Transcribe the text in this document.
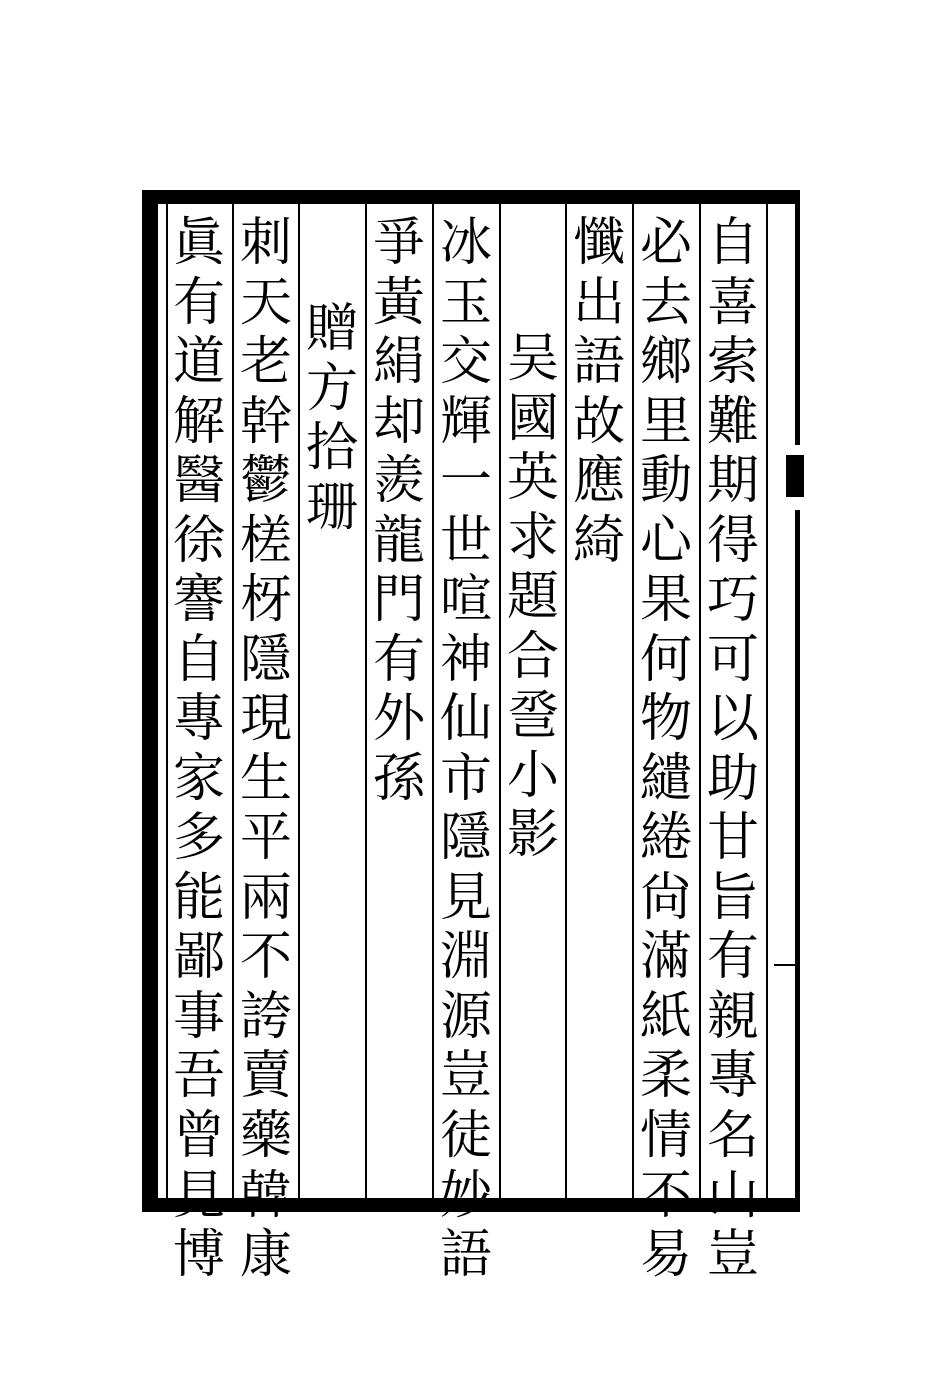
自喜索難期得巧可以助甘旨有親專名山豈
必去鄉里動心果何物繾綣尙滿紙柔情不易
懺出語故應綺
吴國英求題合巹小影
冰玉交輝一世喧神仙市隱見淵源豈徒妙語
爭黃絹却羨龍門有外孫
贈方拾珊
刺天老幹鬱槎枒隱現生平兩不誇賣藥韓康
眞有道解醫徐謇自專家多能鄙事吾曾見博
